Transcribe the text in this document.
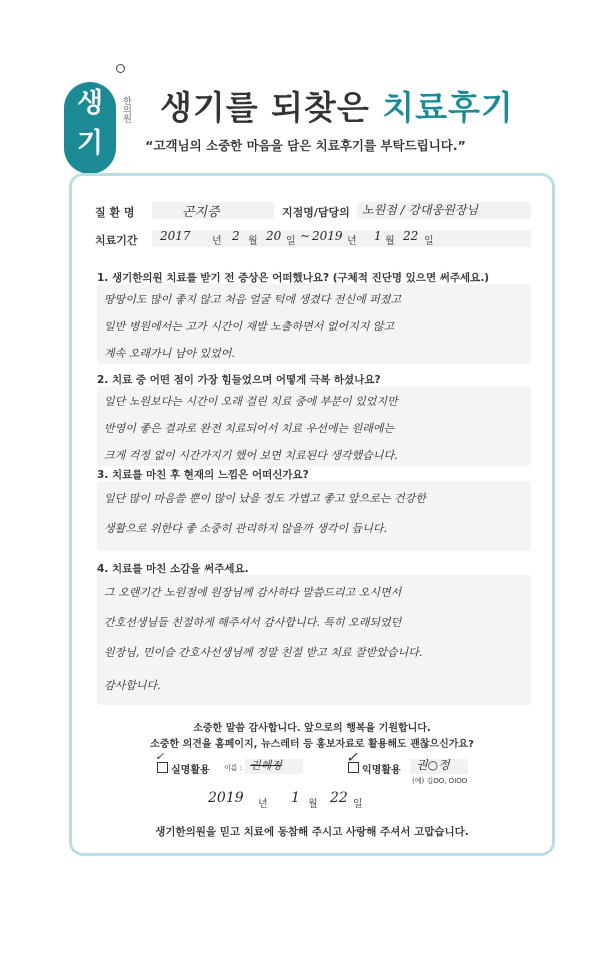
생기
한의원 생기를 되찾은 치료후기
“고객님의 소중한 마음을 담은 치료후기를 부탁드립니다.”
질 환 명	곤지증	지점명/담당의 노원점 / 강대웅원장님
치료기간 2017 년 2 월 20 일 ~ 2019 년 1 월 22 일
1. 생기한의원 치료를 받기 전 증상은 어떠했나요? (구체적 진단명 있으면 써주세요.)
땅땅이도 많이 좋지 않고 처음 얼굴 턱에 생겼다 전신에 퍼졌고
일반 병원에서는 고가 시간이 재발 노출하면서 없어지지 않고
계속 오래가니 남아 있었어.
2. 치료 중 어떤 점이 가장 힘들었으며 어떻게 극복 하셨나요?
일단 노원보다는 시간이 오래 걸린 치료 중에 부분이 있었지만
반영이 좋은 결과로 완전 치료되어서 치료 우선에는 원래에는
크게 걱정 없이 시간가지기 했어 보면 치료된다 생각했습니다.
3. 치료를 마친 후 현재의 느낌은 어떠신가요?
일단 많이 마음쓸 뿐이 많이 났을 정도 가볍고 좋고 앞으로는 건강한
생활으로 위한다 좋 소중히 관리하지 않을까 생각이 듭니다.
4. 치료를 마친 소감을 써주세요.
그 오랜기간 노원점에 원장님께 감사하다 말씀드리고 오시면서
간호선생님들 친절하게 해주셔서 감사합니다. 특히 오래되었던
원장님, 민이슬 간호사선생님께 정말 친절 받고 치료 잘받았습니다.
감사합니다.
소중한 말씀 감사합니다. 앞으로의 행복을 기원합니다.
소중한 의견을 홈페이지, 뉴스레터 등 홍보자료로 활용해도 괜찮으신가요?
✓
실명활용 이름 : 권혜정	✓
익명활용 권○정
(예) 김OO, OIOO
2019 년 1 월 22 일
생기한의원을 믿고 치료에 동참해 주시고 사랑해 주셔서 고맙습니다.
